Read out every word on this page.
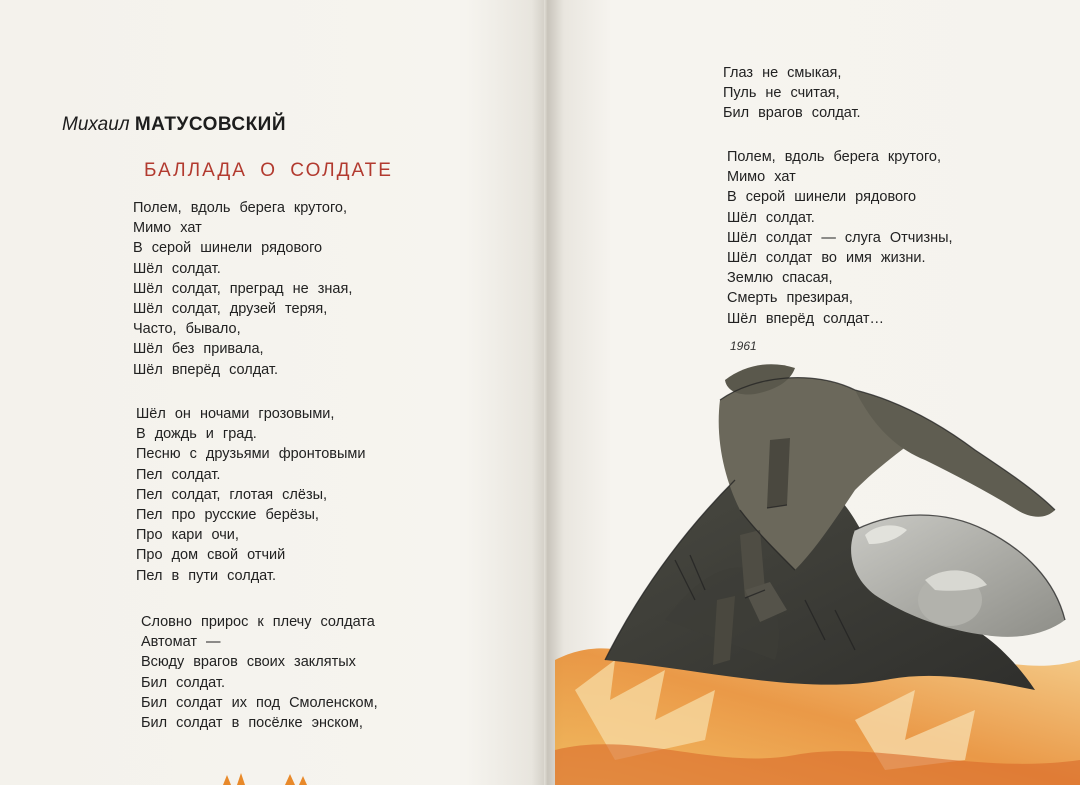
Михаил МАТУСОВСКИЙ
БАЛЛАДА О СОЛДАТЕ
Полем, вдоль берега крутого,
Мимо хат
В серой шинели рядового
Шёл солдат.
Шёл солдат, преград не зная,
Шёл солдат, друзей теряя,
Часто, бывало,
Шёл без привала,
Шёл вперёд солдат.
Шёл он ночами грозовыми,
В дождь и град.
Песню с друзьями фронтовыми
Пел солдат.
Пел солдат, глотая слёзы,
Пел про русские берёзы,
Про кари очи,
Про дом свой отчий
Пел в пути солдат.
Словно прирос к плечу солдата
Автомат —
Всюду врагов своих заклятых
Бил солдат.
Бил солдат их под Смоленском,
Бил солдат в посёлке энском,
Глаз не смыкая,
Пуль не считая,
Бил врагов солдат.
Полем, вдоль берега крутого,
Мимо хат
В серой шинели рядового
Шёл солдат.
Шёл солдат — слуга Отчизны,
Шёл солдат во имя жизни.
Землю спасая,
Смерть презирая,
Шёл вперёд солдат…
1961
